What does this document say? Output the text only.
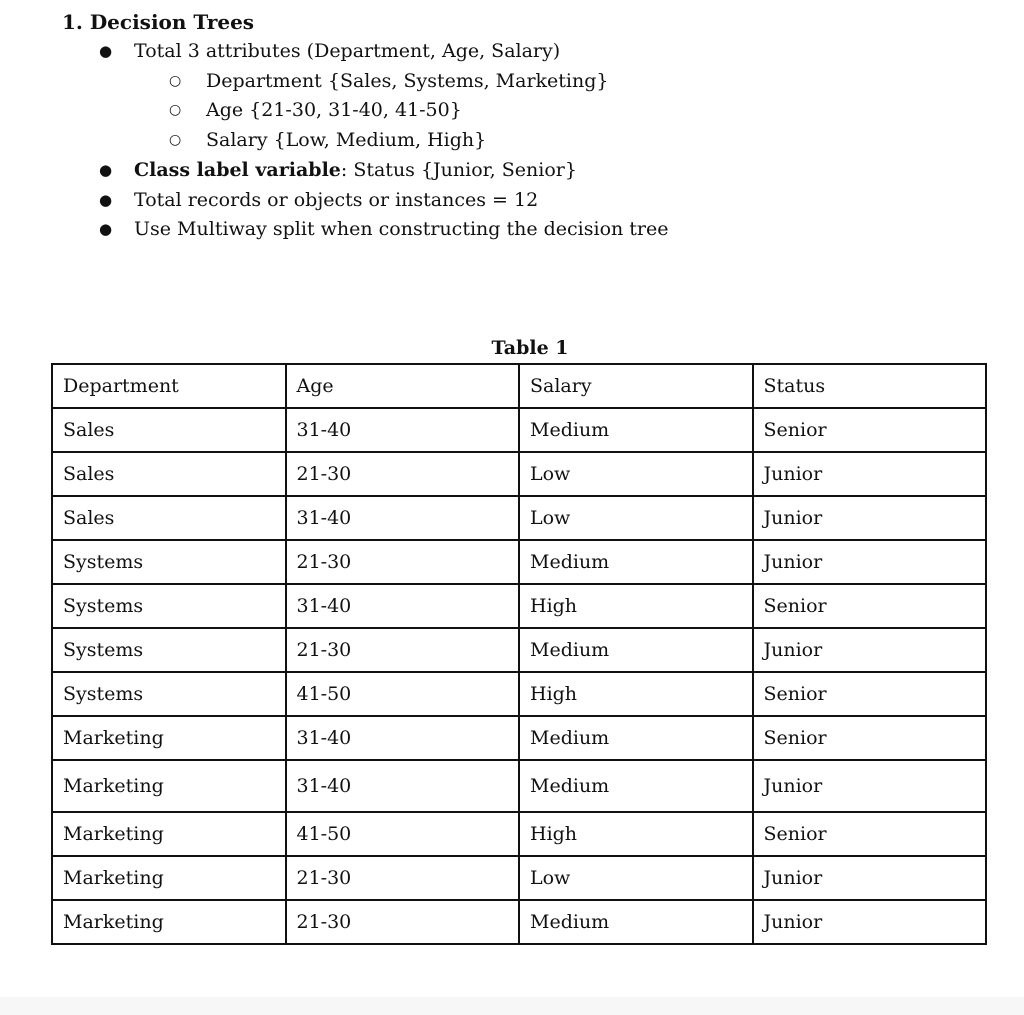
1. Decision Trees
● Total 3 attributes (Department, Age, Salary)
○ Department {Sales, Systems, Marketing}
○ Age {21-30, 31-40, 41-50}
○ Salary {Low, Medium, High}
● Class label variable: Status {Junior, Senior}
● Total records or objects or instances = 12
● Use Multiway split when constructing the decision tree
Table 1
Department	Age	Salary	Status
Sales	31-40	Medium	Senior
Sales	21-30	Low	Junior
Sales	31-40	Low	Junior
Systems	21-30	Medium	Junior
Systems	31-40	High	Senior
Systems	21-30	Medium	Junior
Systems	41-50	High	Senior
Marketing	31-40	Medium	Senior
Marketing	31-40	Medium	Junior
Marketing	41-50	High	Senior
Marketing	21-30	Low	Junior
Marketing	21-30	Medium	Junior
